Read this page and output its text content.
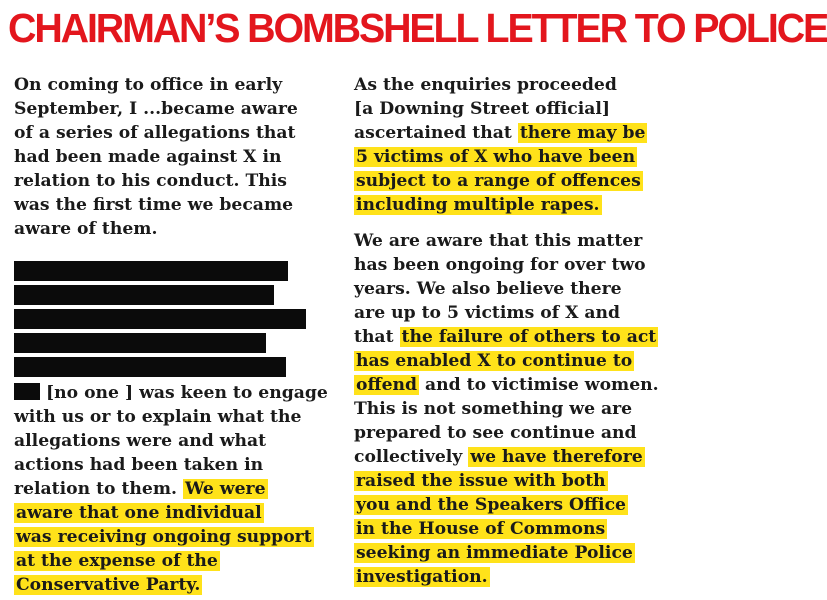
CHAIRMAN’S BOMBSHELL LETTER TO POLICE

On coming to office in early
September, I ...became aware
of a series of allegations that
had been made against X in
relation to his conduct. This
was the first time we became
aware of them.

[no one ] was keen to engage
with us or to explain what the
allegations were and what
actions had been taken in
relation to them. We were
aware that one individual
was receiving ongoing support
at the expense of the
Conservative Party.

As the enquiries proceeded
[a Downing Street official]
ascertained that there may be
5 victims of X who have been
subject to a range of offences
including multiple rapes.

We are aware that this matter
has been ongoing for over two
years. We also believe there
are up to 5 victims of X and
that the failure of others to act
has enabled X to continue to
offend and to victimise women.
This is not something we are
prepared to see continue and
collectively we have therefore
raised the issue with both
you and the Speakers Office
in the House of Commons
seeking an immediate Police
investigation.
